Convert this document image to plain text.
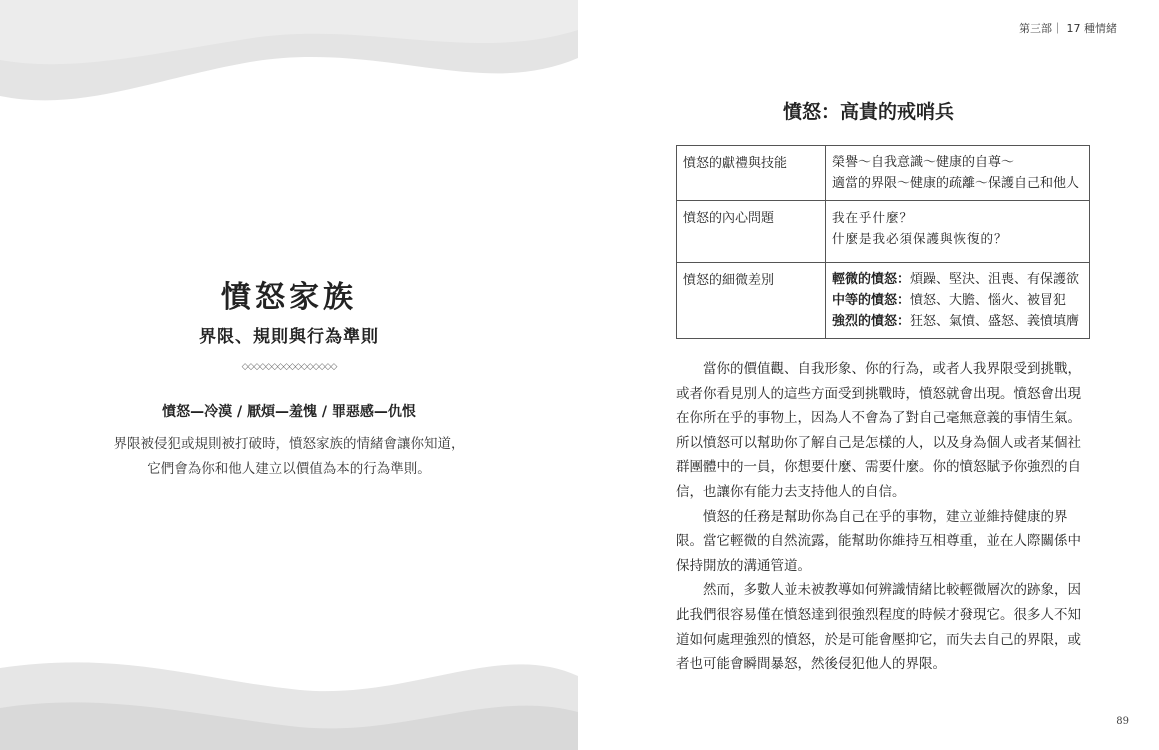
憤怒家族
界限、規則與行為準則
◇◇◇◇◇◇◇◇◇◇◇◇◇◇◇◇
憤怒—冷漠 / 厭煩—羞愧 / 罪惡感—仇恨
界限被侵犯或規則被打破時，憤怒家族的情緒會讓你知道，
它們會為你和他人建立以價值為本的行為準則。
第三部｜ 17 種情緒
憤怒：高貴的戒哨兵
憤怒的獻禮與技能	榮譽～自我意識～健康的自尊～
適當的界限～健康的疏離～保護自己和他人

憤怒的內心問題	我在乎什麼？
什麼是我必須保護與恢復的？

憤怒的細微差別	輕微的憤怒：煩躁、堅決、沮喪、有保護欲
中等的憤怒：憤怒、大膽、惱火、被冒犯
強烈的憤怒：狂怒、氣憤、盛怒、義憤填膺
　　當你的價值觀、自我形象、你的行為，或者人我界限受到挑戰，
或者你看見別人的這些方面受到挑戰時，憤怒就會出現。憤怒會出現
在你所在乎的事物上，因為人不會為了對自己毫無意義的事情生氣。
所以憤怒可以幫助你了解自己是怎樣的人，以及身為個人或者某個社
群團體中的一員，你想要什麼、需要什麼。你的憤怒賦予你強烈的自
信，也讓你有能力去支持他人的自信。
　　憤怒的任務是幫助你為自己在乎的事物，建立並維持健康的界
限。當它輕微的自然流露，能幫助你維持互相尊重，並在人際關係中
保持開放的溝通管道。
　　然而，多數人並未被教導如何辨識情緒比較輕微層次的跡象，因
此我們很容易僅在憤怒達到很強烈程度的時候才發現它。很多人不知
道如何處理強烈的憤怒，於是可能會壓抑它，而失去自己的界限，或
者也可能會瞬間暴怒，然後侵犯他人的界限。
89
